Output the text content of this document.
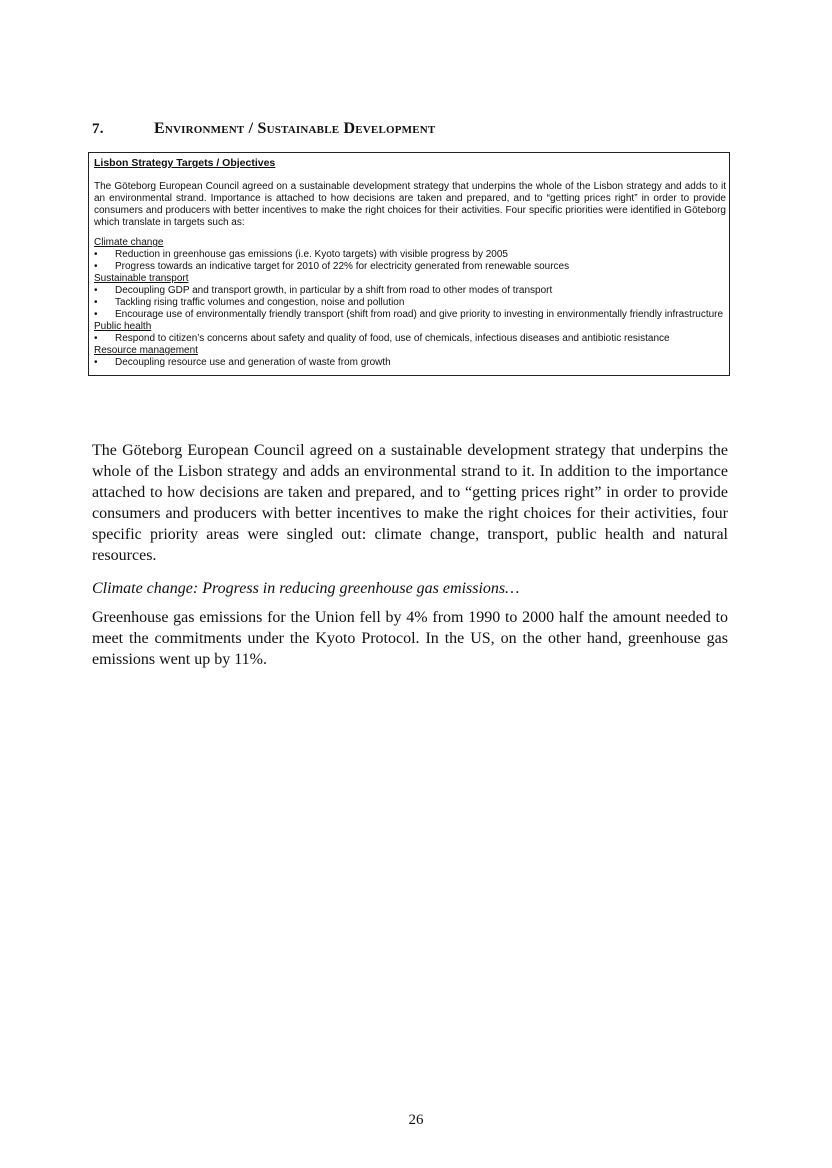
7.	Environment / Sustainable Development
Lisbon Strategy Targets / Objectives

The Göteborg European Council agreed on a sustainable development strategy that underpins the whole of the Lisbon strategy and adds to it an environmental strand. Importance is attached to how decisions are taken and prepared, and to “getting prices right” in order to provide consumers and producers with better incentives to make the right choices for their activities. Four specific priorities were identified in Göteborg which translate in targets such as:

Climate change
• Reduction in greenhouse gas emissions (i.e. Kyoto targets) with visible progress by 2005
• Progress towards an indicative target for 2010 of 22% for electricity generated from renewable sources
Sustainable transport
• Decoupling GDP and transport growth, in particular by a shift from road to other modes of transport
• Tackling rising traffic volumes and congestion, noise and pollution
• Encourage use of environmentally friendly transport (shift from road) and give priority to investing in environmentally friendly infrastructure
Public health
• Respond to citizen’s concerns about safety and quality of food, use of chemicals, infectious diseases and antibiotic resistance
Resource management
• Decoupling resource use and generation of waste from growth

The Göteborg European Council agreed on a sustainable development strategy that underpins the whole of the Lisbon strategy and adds an environmental strand to it. In addition to the importance attached to how decisions are taken and prepared, and to “getting prices right” in order to provide consumers and producers with better incentives to make the right choices for their activities, four specific priority areas were singled out: climate change, transport, public health and natural resources.

Climate change: Progress in reducing greenhouse gas emissions…

Greenhouse gas emissions for the Union fell by 4% from 1990 to 2000 half the amount needed to meet the commitments under the Kyoto Protocol. In the US, on the other hand, greenhouse gas emissions went up by 11%.

26
